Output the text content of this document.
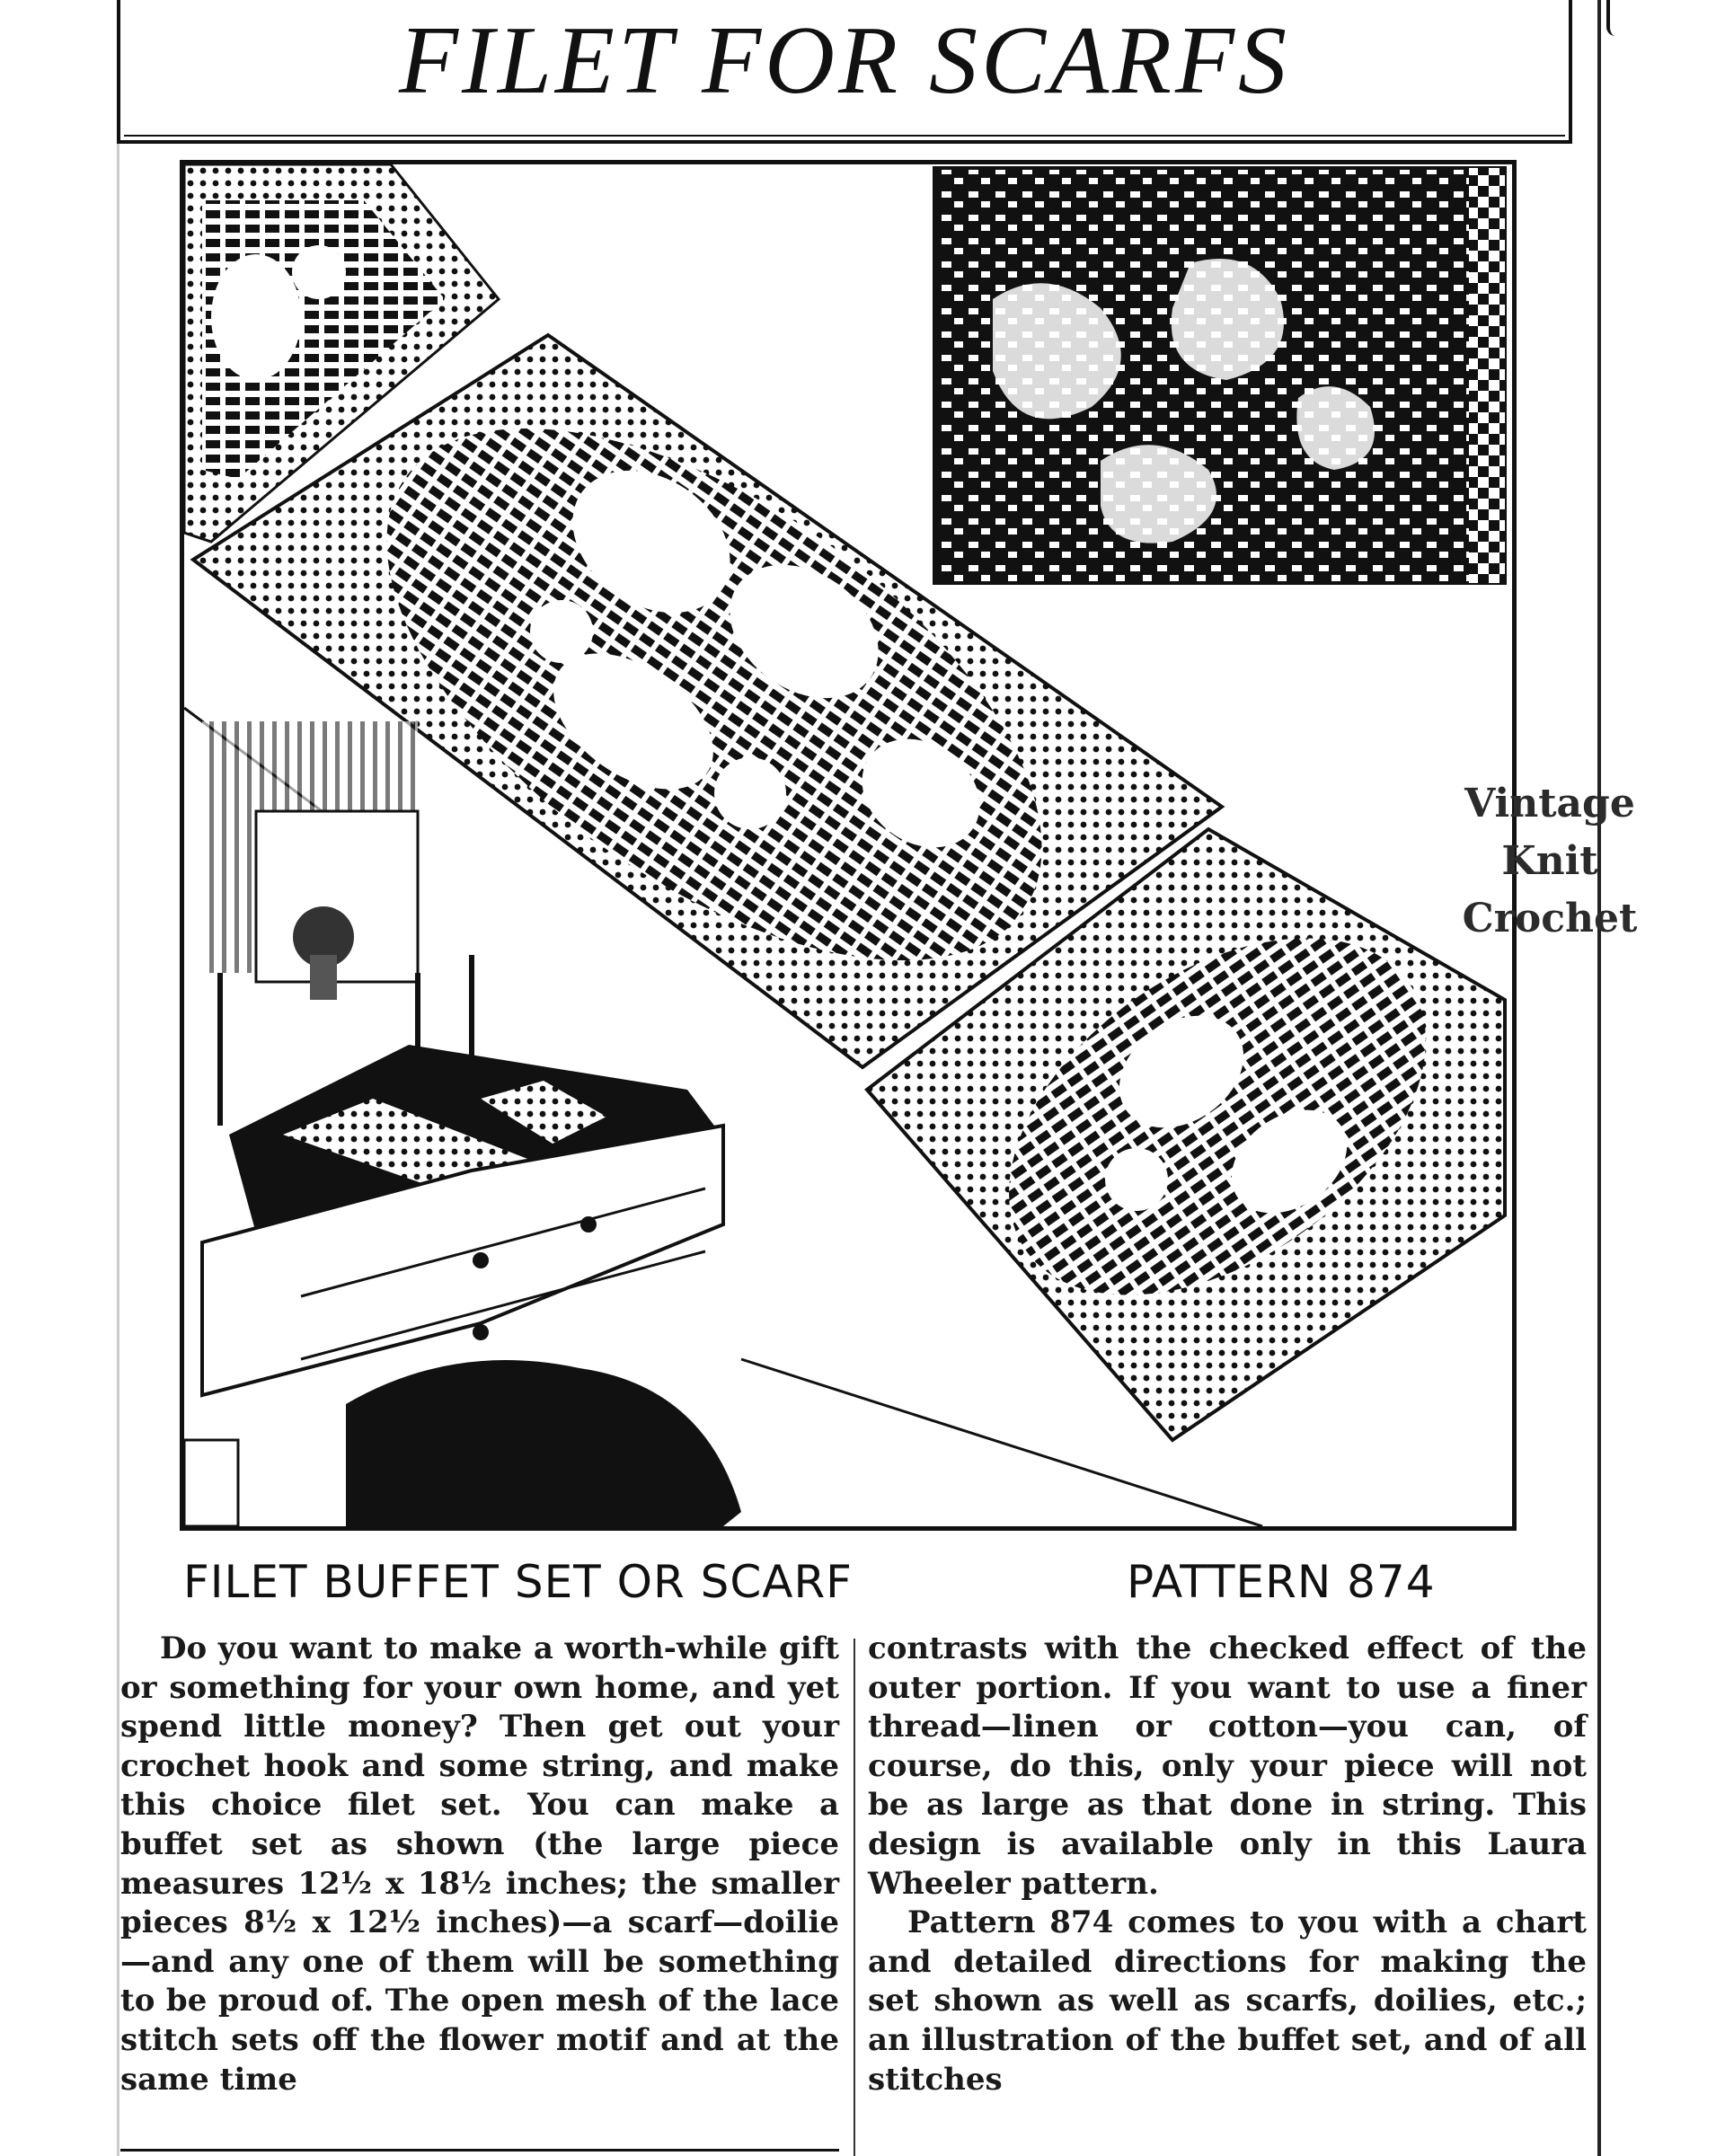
FILET FOR SCARFS
Vintage
Knit
Crochet
FILET BUFFET SET OR SCARF	PATTERN 874

Do you want to make a worth-while gift or something for your own home, and yet spend little money? Then get out your crochet hook and some string, and make this choice filet set. You can make a buffet set as shown (the large piece measures 12½ x 18½ inches; the smaller pieces 8½ x 12½ inches)—a scarf—doilie—and any one of them will be something to be proud of. The open mesh of the lace stitch sets off the flower motif and at the same time

contrasts with the checked effect of the outer portion. If you want to use a finer thread—linen or cotton—you can, of course, do this, only your piece will not be as large as that done in string. This design is available only in this Laura Wheeler pattern.

Pattern 874 comes to you with a chart and detailed directions for making the set shown as well as scarfs, doilies, etc.; an illustration of the buffet set, and of all stitches
